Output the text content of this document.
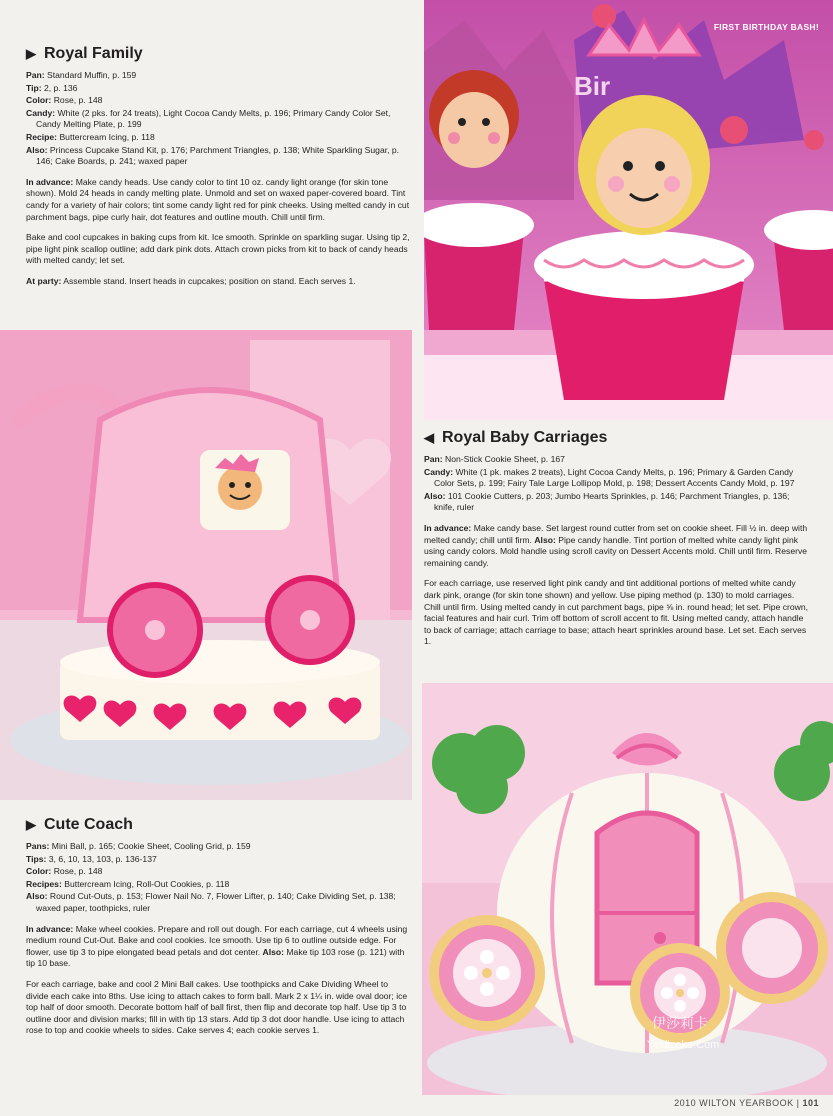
Bir
FIRST BIRTHDAY BASH!
▶ Royal Family

Pan: Standard Muffin, p. 159

Tip: 2, p. 136

Color: Rose, p. 148

Candy: White (2 pks. for 24 treats), Light Cocoa Candy Melts, p. 196; Primary Candy Color Set, Candy Melting Plate, p. 199

Recipe: Buttercream Icing, p. 118

Also: Princess Cupcake Stand Kit, p. 176; Parchment Triangles, p. 138; White Sparkling Sugar, p. 146; Cake Boards, p. 241; waxed paper

In advance: Make candy heads. Use candy color to tint 10 oz. candy light orange (for skin tone shown). Mold 24 heads in candy melting plate. Unmold and set on waxed paper-covered board. Tint candy for a variety of hair colors; tint some candy light red for pink cheeks. Using melted candy in cut parchment bags, pipe curly hair, dot features and outline mouth. Chill until firm.

Bake and cool cupcakes in baking cups from kit. Ice smooth. Sprinkle on sparkling sugar. Using tip 2, pipe light pink scallop outline; add dark pink dots. Attach crown picks from kit to back of candy heads with melted candy; let set.

At party: Assemble stand. Insert heads in cupcakes; position on stand. Each serves 1.

◀ Royal Baby Carriages

Pan: Non-Stick Cookie Sheet, p. 167

Candy: White (1 pk. makes 2 treats), Light Cocoa Candy Melts, p. 196; Primary & Garden Candy Color Sets, p. 199; Fairy Tale Large Lollipop Mold, p. 198; Dessert Accents Candy Mold, p. 197

Also: 101 Cookie Cutters, p. 203; Jumbo Hearts Sprinkles, p. 146; Parchment Triangles, p. 136; knife, ruler

In advance: Make candy base. Set largest round cutter from set on cookie sheet. Fill ½ in. deep with melted candy; chill until firm. Also: Pipe candy handle. Tint portion of melted white candy light pink using candy colors. Mold handle using scroll cavity on Dessert Accents mold. Chill until firm. Reserve remaining candy.

For each carriage, use reserved light pink candy and tint additional portions of melted white candy dark pink, orange (for skin tone shown) and yellow. Use piping method (p. 130) to mold carriages. Chill until firm. Using melted candy in cut parchment bags, pipe ⅝ in. round head; let set. Pipe crown, facial features and hair curl. Trim off bottom of scroll accent to fit. Using melted candy, attach handle to back of carriage; attach carriage to base; attach heart sprinkles around base. Let set. Each serves 1.

伊莎莉卡
Yeslicake.Com
▶ Cute Coach

Pans: Mini Ball, p. 165; Cookie Sheet, Cooling Grid, p. 159

Tips: 3, 6, 10, 13, 103, p. 136-137

Color: Rose, p. 148

Recipes: Buttercream Icing, Roll-Out Cookies, p. 118

Also: Round Cut-Outs, p. 153; Flower Nail No. 7, Flower Lifter, p. 140; Cake Dividing Set, p. 138; waxed paper, toothpicks, ruler

In advance: Make wheel cookies. Prepare and roll out dough. For each carriage, cut 4 wheels using medium round Cut-Out. Bake and cool cookies. Ice smooth. Use tip 6 to outline outside edge. For flower, use tip 3 to pipe elongated bead petals and dot center. Also: Make tip 103 rose (p. 121) with tip 10 base.

For each carriage, bake and cool 2 Mini Ball cakes. Use toothpicks and Cake Dividing Wheel to divide each cake into 8ths. Use icing to attach cakes to form ball. Mark 2 x 1¼ in. wide oval door; ice top half of door smooth. Decorate bottom half of ball first, then flip and decorate top half. Use tip 3 to outline door and division marks; fill in with tip 13 stars. Add tip 3 dot door handle. Use icing to attach rose to top and cookie wheels to sides. Cake serves 4; each cookie serves 1.

2010 WILTON YEARBOOK | 101
